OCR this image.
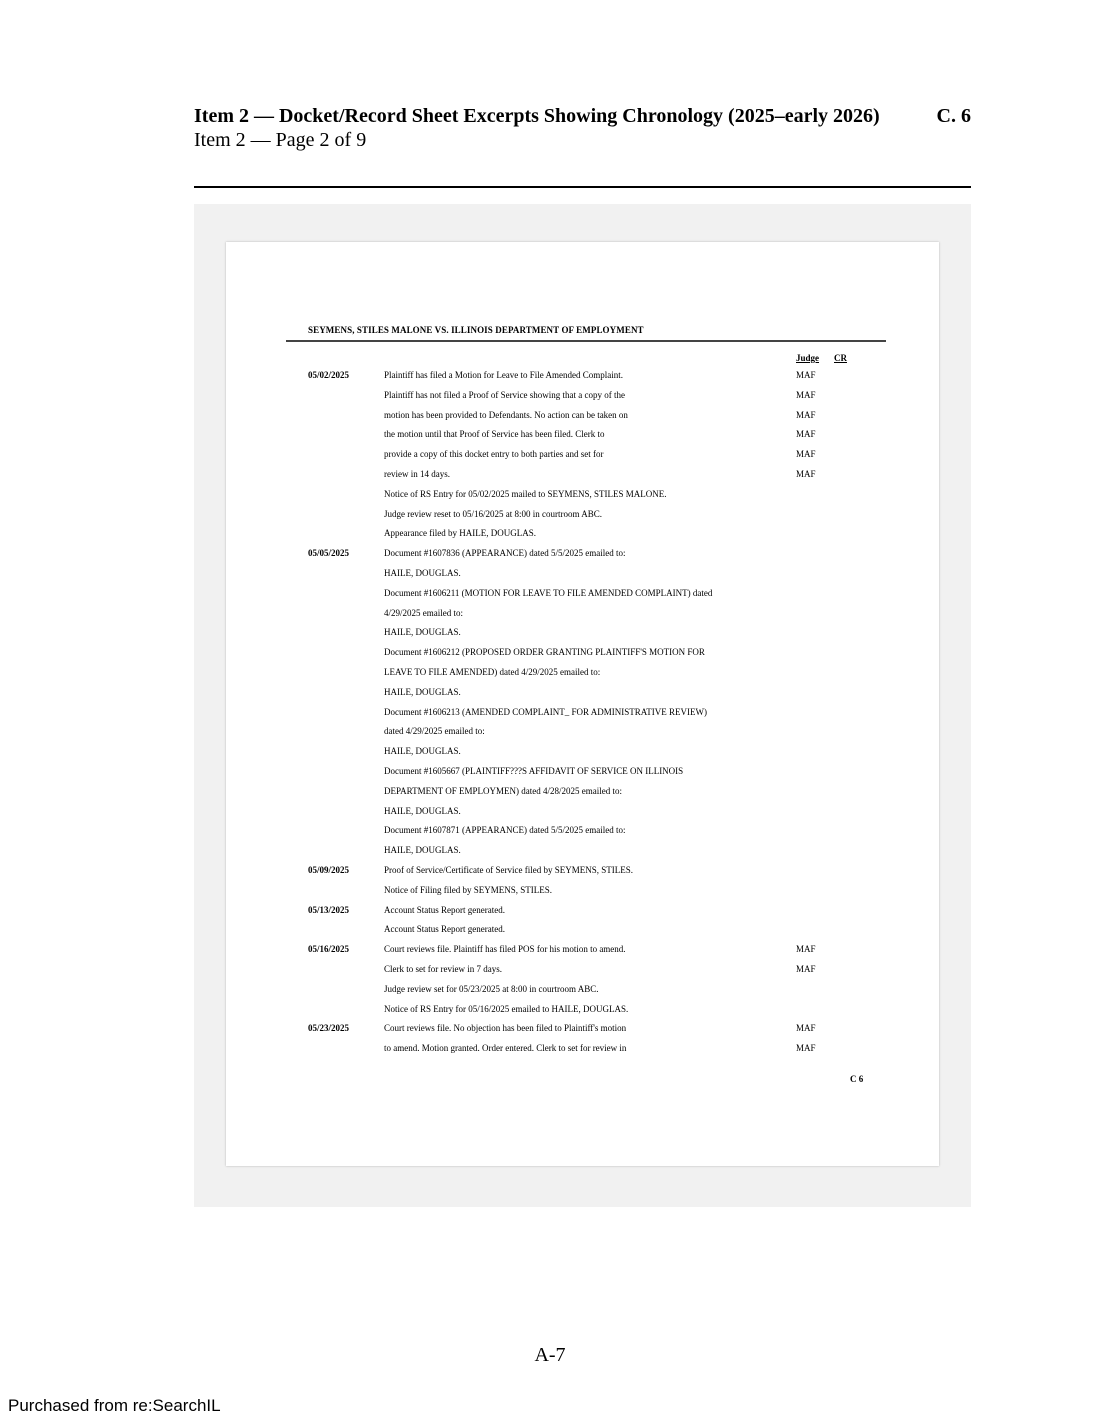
Item 2 — Docket/Record Sheet Excerpts Showing Chronology (2025–early 2026)	C. 6
Item 2 — Page 2 of 9
SEYMENS, STILES MALONE VS. ILLINOIS DEPARTMENT OF EMPLOYMENT
Judge CR
05/02/2025	Plaintiff has filed a Motion for Leave to File Amended Complaint.	MAF
Plaintiff has not filed a Proof of Service showing that a copy of the	MAF
motion has been provided to Defendants. No action can be taken on	MAF
the motion until that Proof of Service has been filed. Clerk to	MAF
provide a copy of this docket entry to both parties and set for	MAF
review in 14 days.	MAF
Notice of RS Entry for 05/02/2025 mailed to SEYMENS, STILES MALONE.
Judge review reset to 05/16/2025 at 8:00 in courtroom ABC.
Appearance filed by HAILE, DOUGLAS.
05/05/2025	Document #1607836 (APPEARANCE) dated 5/5/2025 emailed to:
HAILE, DOUGLAS.
Document #1606211 (MOTION FOR LEAVE TO FILE AMENDED COMPLAINT) dated
4/29/2025 emailed to:
HAILE, DOUGLAS.
Document #1606212 (PROPOSED ORDER GRANTING PLAINTIFF'S MOTION FOR
LEAVE TO FILE AMENDED) dated 4/29/2025 emailed to:
HAILE, DOUGLAS.
Document #1606213 (AMENDED COMPLAINT_ FOR ADMINISTRATIVE REVIEW)
dated 4/29/2025 emailed to:
HAILE, DOUGLAS.
Document #1605667 (PLAINTIFF???S AFFIDAVIT OF SERVICE ON ILLINOIS
DEPARTMENT OF EMPLOYMEN) dated 4/28/2025 emailed to:
HAILE, DOUGLAS.
Document #1607871 (APPEARANCE) dated 5/5/2025 emailed to:
HAILE, DOUGLAS.
05/09/2025	Proof of Service/Certificate of Service filed by SEYMENS, STILES.
Notice of Filing filed by SEYMENS, STILES.
05/13/2025	Account Status Report generated.
Account Status Report generated.
05/16/2025	Court reviews file. Plaintiff has filed POS for his motion to amend.	MAF
Clerk to set for review in 7 days.	MAF
Judge review set for 05/23/2025 at 8:00 in courtroom ABC.
Notice of RS Entry for 05/16/2025 emailed to HAILE, DOUGLAS.
05/23/2025	Court reviews file. No objection has been filed to Plaintiff's motion	MAF
to amend. Motion granted. Order entered. Clerk to set for review in	MAF
C 6
A-7
Purchased from re:SearchIL
